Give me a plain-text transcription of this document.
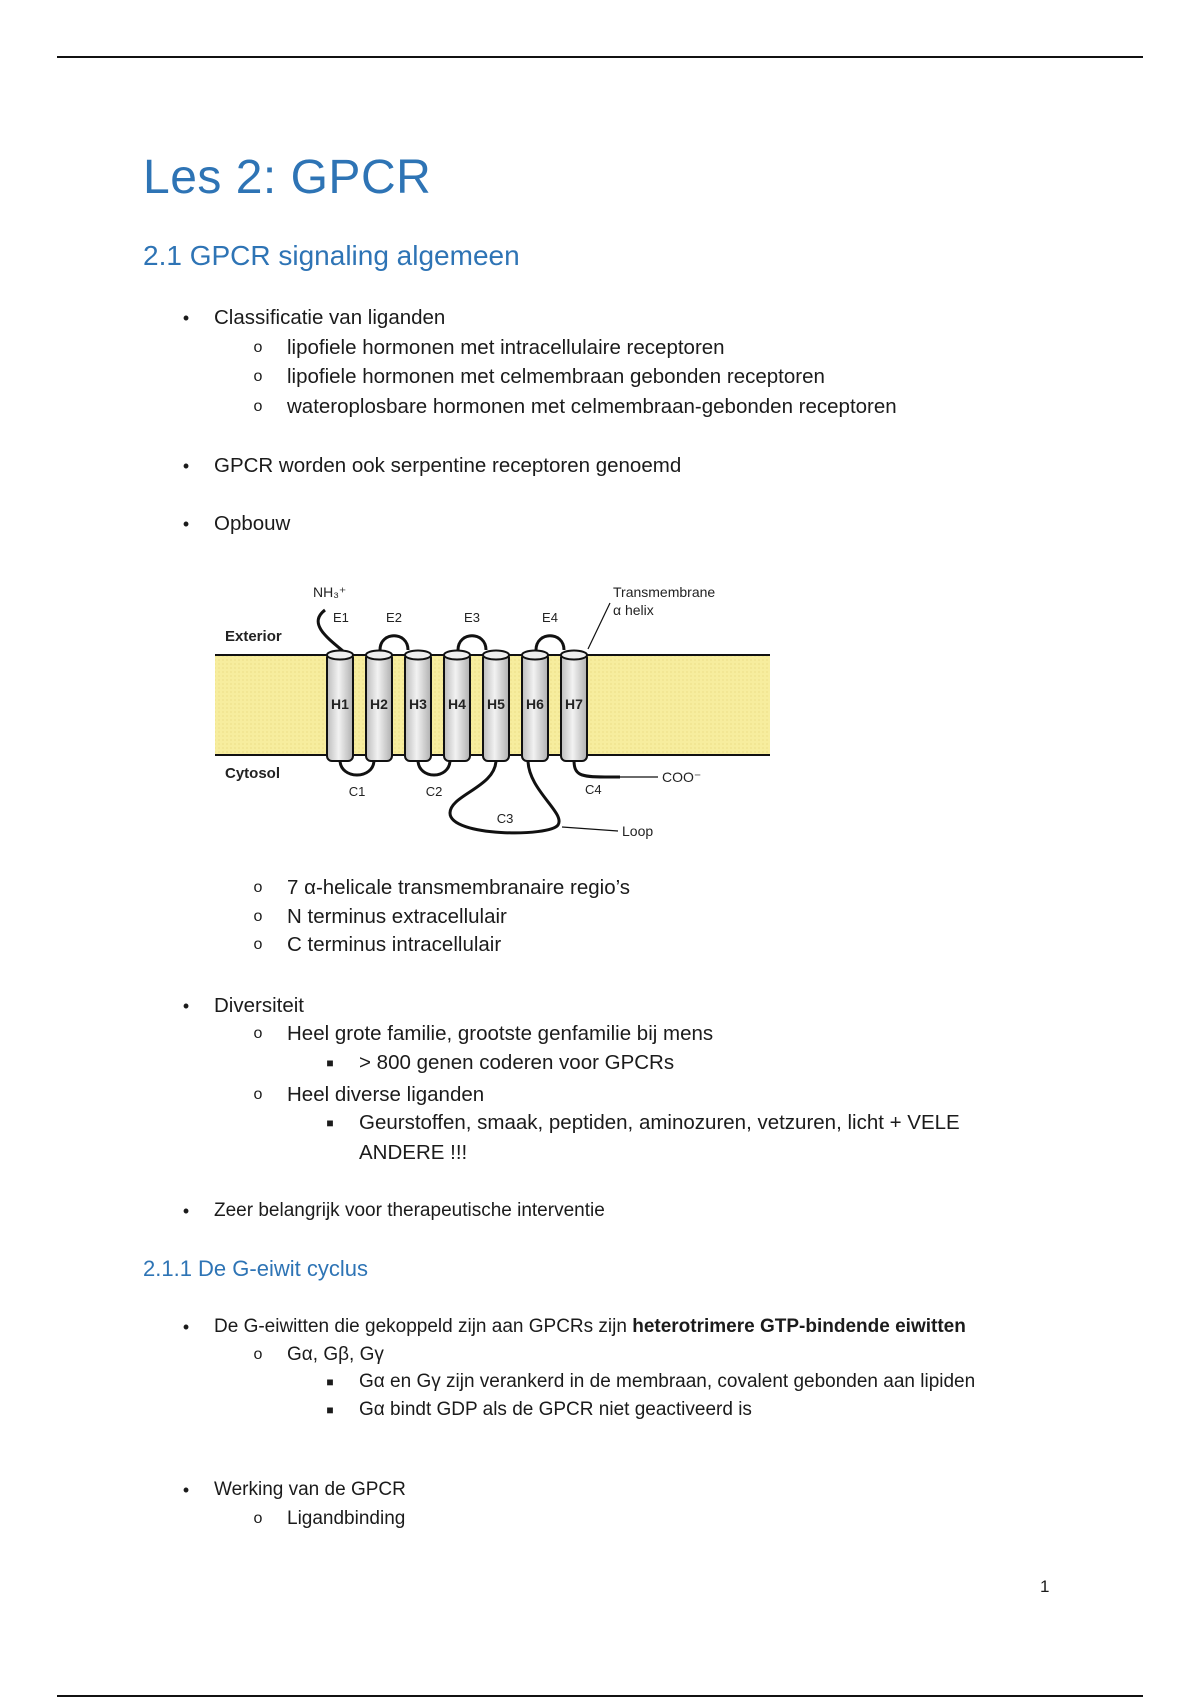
Les 2: GPCR
2.1 GPCR signaling algemeen
•	Classificatie van liganden
o lipofiele hormonen met intracellulaire receptoren
o lipofiele hormonen met celmembraan gebonden receptoren
o wateroplosbare hormonen met celmembraan-gebonden receptoren
•	GPCR worden ook serpentine receptoren genoemd
•	Opbouw
H1 H2 H3 H4 H5 H6 H7
E1	E2	E3	E4
C1	C2
C3
C4
NH₃⁺
Exterior
Cytosol
Transmembrane
α helix
COO⁻
Loop
o 7 α-helicale transmembranaire regio’s
o N terminus extracellulair
o C terminus intracellulair
•	Diversiteit
o Heel grote familie, grootste genfamilie bij mens
■	> 800 genen coderen voor GPCRs
o Heel diverse liganden
■	Geurstoffen, smaak, peptiden, aminozuren, vetzuren, licht + VELE
ANDERE !!!
•	Zeer belangrijk voor therapeutische interventie
2.1.1 De G-eiwit cyclus
•	De G-eiwitten die gekoppeld zijn aan GPCRs zijn heterotrimere GTP-bindende eiwitten
o Gα, Gβ, Gγ
■	Gα en Gγ zijn verankerd in de membraan, covalent gebonden aan lipiden
■	Gα bindt GDP als de GPCR niet geactiveerd is
•	Werking van de GPCR
o Ligandbinding
1
